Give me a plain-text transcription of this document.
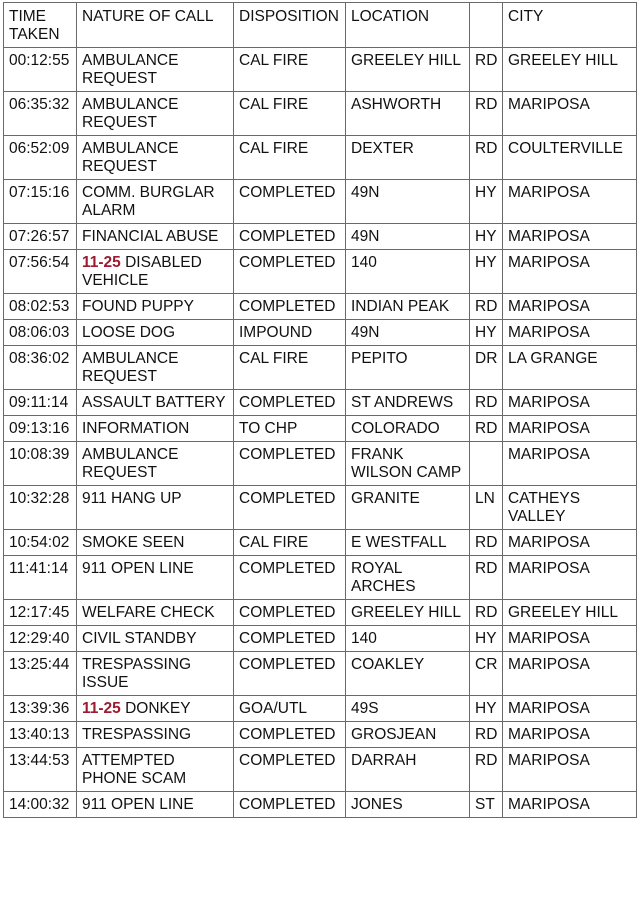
TIME TAKEN	NATURE OF CALL	DISPOSITION	LOCATION		CITY
00:12:55	AMBULANCE REQUEST	CAL FIRE	GREELEY HILL	RD	GREELEY HILL
06:35:32	AMBULANCE REQUEST	CAL FIRE	ASHWORTH	RD	MARIPOSA
06:52:09	AMBULANCE REQUEST	CAL FIRE	DEXTER	RD	COULTERVILLE
07:15:16	COMM. BURGLAR ALARM	COMPLETED	49N	HY	MARIPOSA
07:26:57	FINANCIAL ABUSE	COMPLETED	49N	HY	MARIPOSA
07:56:54	11-25 DISABLED VEHICLE	COMPLETED	140	HY	MARIPOSA
08:02:53	FOUND PUPPY	COMPLETED	INDIAN PEAK	RD	MARIPOSA
08:06:03	LOOSE DOG	IMPOUND	49N	HY	MARIPOSA
08:36:02	AMBULANCE REQUEST	CAL FIRE	PEPITO	DR	LA GRANGE
09:11:14	ASSAULT BATTERY	COMPLETED	ST ANDREWS	RD	MARIPOSA
09:13:16	INFORMATION	TO CHP	COLORADO	RD	MARIPOSA
10:08:39	AMBULANCE REQUEST	COMPLETED	FRANK WILSON CAMP		MARIPOSA
10:32:28	911 HANG UP	COMPLETED	GRANITE	LN	CATHEYS VALLEY
10:54:02	SMOKE SEEN	CAL FIRE	E WESTFALL	RD	MARIPOSA
11:41:14	911 OPEN LINE	COMPLETED	ROYAL ARCHES	RD	MARIPOSA
12:17:45	WELFARE CHECK	COMPLETED	GREELEY HILL	RD	GREELEY HILL
12:29:40	CIVIL STANDBY	COMPLETED	140	HY	MARIPOSA
13:25:44	TRESPASSING ISSUE	COMPLETED	COAKLEY	CR	MARIPOSA
13:39:36	11-25 DONKEY	GOA/UTL	49S	HY	MARIPOSA
13:40:13	TRESPASSING	COMPLETED	GROSJEAN	RD	MARIPOSA
13:44:53	ATTEMPTED PHONE SCAM	COMPLETED	DARRAH	RD	MARIPOSA
14:00:32	911 OPEN LINE	COMPLETED	JONES	ST	MARIPOSA
